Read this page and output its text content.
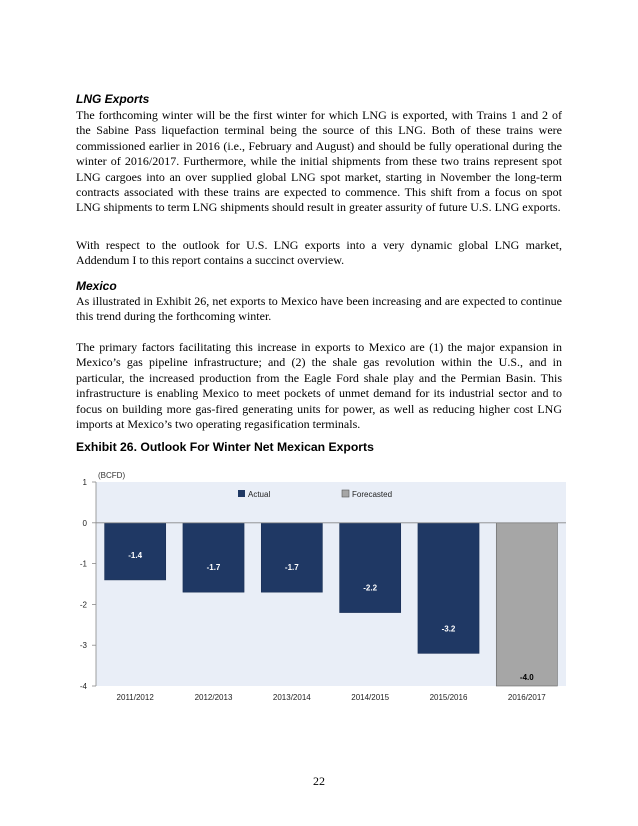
LNG Exports

The forthcoming winter will be the first winter for which LNG is exported, with Trains 1 and 2 of the Sabine Pass liquefaction terminal being the source of this LNG. Both of these trains were commissioned earlier in 2016 (i.e., February and August) and should be fully operational during the winter of 2016/2017. Furthermore, while the initial shipments from these two trains represent spot LNG cargoes into an over supplied global LNG spot market, starting in November the long-term contracts associated with these trains are expected to commence. This shift from a focus on spot LNG shipments to term LNG shipments should result in greater assurity of future U.S. LNG exports.

With respect to the outlook for U.S. LNG exports into a very dynamic global LNG market, Addendum I to this report contains a succinct overview.

Mexico

As illustrated in Exhibit 26, net exports to Mexico have been increasing and are expected to continue this trend during the forthcoming winter.

The primary factors facilitating this increase in exports to Mexico are (1) the major expansion in Mexico’s gas pipeline infrastructure; and (2) the shale gas revolution within the U.S., and in particular, the increased production from the Eagle Ford shale play and the Permian Basin. This infrastructure is enabling Mexico to meet pockets of unmet demand for its industrial sector and to focus on building more gas-fired generating units for power, as well as reducing higher cost LNG imports at Mexico’s two operating regasification terminals.

Exhibit 26. Outlook For Winter Net Mexican Exports
(BCFD)
1
0
-1
-2
-3
-4
-1.4
-1.7	-1.7
-2.2
-3.2
-4.0
2011/2012	2012/2013	2013/2014	2014/2015	2015/2016	2016/2017
Actual	Forecasted
22
